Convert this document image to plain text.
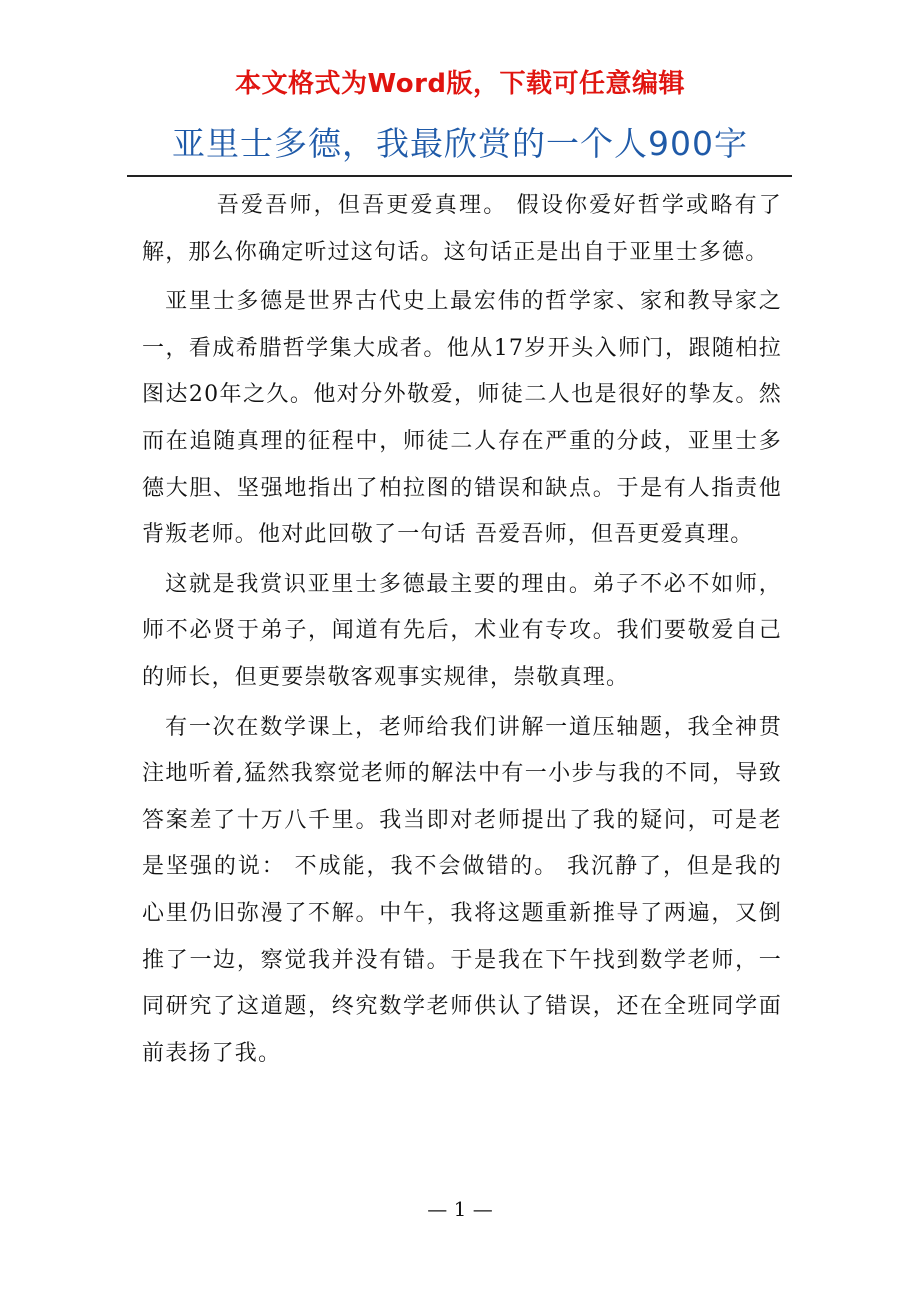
本文格式为Word版，下载可任意编辑
亚里士多德，我最欣赏的一个人900字

吾爱吾师，但吾更爱真理。 假设你爱好哲学或略有了解，那么你确定听过这句话。这句话正是出自于亚里士多德。

亚里士多德是世界古代史上最宏伟的哲学家、家和教导家之一，看成希腊哲学集大成者。他从17岁开头入师门，跟随柏拉图达20年之久。他对分外敬爱，师徒二人也是很好的挚友。然而在追随真理的征程中，师徒二人存在严重的分歧，亚里士多德大胆、坚强地指出了柏拉图的错误和缺点。于是有人指责他背叛老师。他对此回敬了一句话 吾爱吾师，但吾更爱真理。

这就是我赏识亚里士多德最主要的理由。弟子不必不如师，师不必贤于弟子，闻道有先后，术业有专攻。我们要敬爱自己的师长，但更要崇敬客观事实规律，崇敬真理。

有一次在数学课上，老师给我们讲解一道压轴题，我全神贯注地听着,猛然我察觉老师的解法中有一小步与我的不同，导致答案差了十万八千里。我当即对老师提出了我的疑问，可是老是坚强的说： 不成能，我不会做错的。 我沉静了，但是我的心里仍旧弥漫了不解。中午，我将这题重新推导了两遍，又倒推了一边，察觉我并没有错。于是我在下午找到数学老师，一同研究了这道题，终究数学老师供认了错误，还在全班同学面前表扬了我。

— 1 —
